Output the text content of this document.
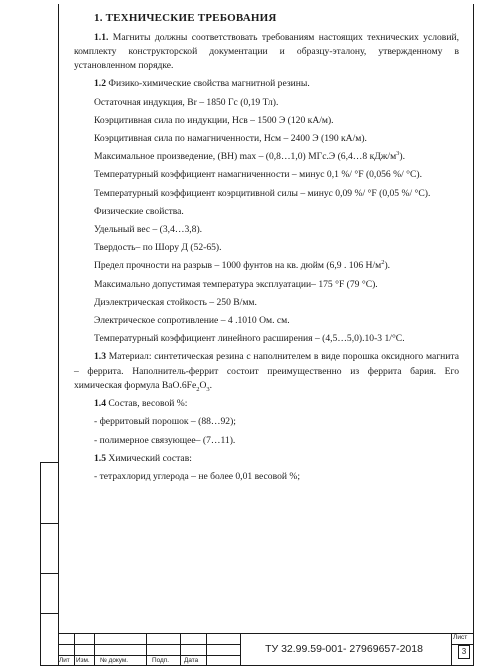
1. ТЕХНИЧЕСКИЕ ТРЕБОВАНИЯ

1.1. Магниты должны соответствовать требованиям настоящих технических условий, комплекту конструкторской документации и образцу-эталону, утвержденному в установленном порядке.

1.2 Физико-химические свойства магнитной резины.

Остаточная индукция, Вr – 1850 Гс (0,19 Тл).

Коэрцитивная сила по индукции, Нсв – 1500 Э (120 кА/м).

Коэрцитивная сила по намагниченности, Нсм – 2400 Э (190 кА/м).

Максимальное произведение, (ВН) max – (0,8…1,0) МГс.Э (6,4…8 кДж/$м^3$).

Температурный коэффициент намагниченности – минус 0,1 %/ °F (0,056 %/ °С).

Температурный коэффициент коэрцитивной силы – минус 0,09 %/ °F (0,05 %/ °С).

Физические свойства.

Удельный вес – (3,4…3,8).

Твердость– по Шору Д (52-65).

Предел прочности на разрыв – 1000 фунтов на кв. дюйм (6,9 . 106 $Н/м^2$).

Максимально допустимая температура эксплуатации– 175 °F (79 °С).

Диэлектрическая стойкость – 250 В/мм.

Электрическое сопротивление – 4 .1010 Ом. см.

Температурный коэффициент линейного расширения – (4,5…5,0).10-3 1/°С.

1.3 Материал: синтетическая резина с наполнителем в виде порошка оксидного магнита – феррита. Наполнитель-феррит состоит преимущественно из феррита бария. Его химическая формула $ВаО.6Fe_2O_3$.

1.4 Состав, весовой %:

- ферритовый порошок – (88…92);

- полимерное связующее– (7…11).

1.5 Химический состав:

- тетрахлорид углерода – не более 0,01 весовой %;

Лит Изм. № докум.	Подп. Дата
ТУ 32.99.59-001- 27969657-2018
Лист
3
